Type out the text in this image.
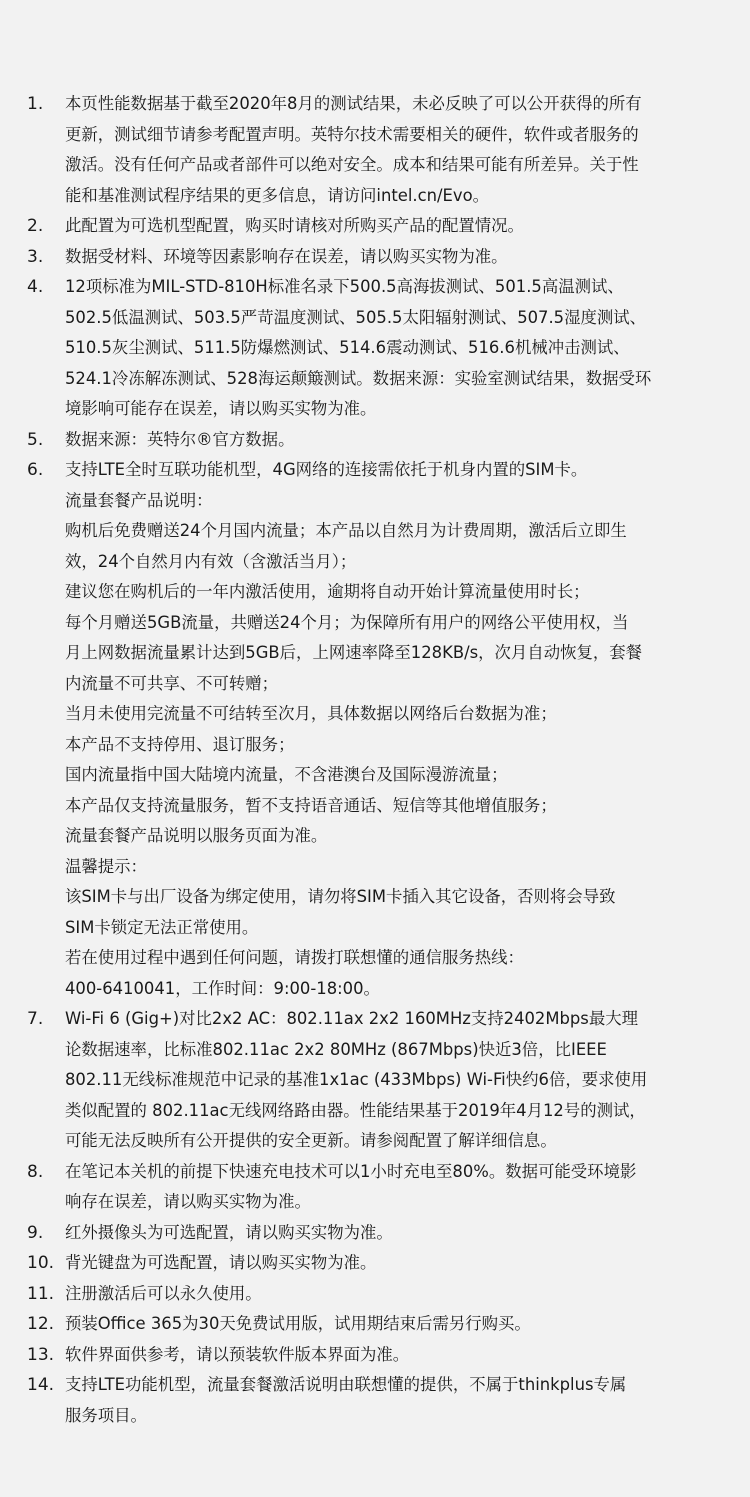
1.	本页性能数据基于截至2020年8月的测试结果，未必反映了可以公开获得的所有
更新，测试细节请参考配置声明。英特尔技术需要相关的硬件，软件或者服务的
激活。没有任何产品或者部件可以绝对安全。成本和结果可能有所差异。关于性
能和基准测试程序结果的更多信息，请访问intel.cn/Evo。
2.	此配置为可选机型配置，购买时请核对所购买产品的配置情况。
3.	数据受材料、环境等因素影响存在误差，请以购买实物为准。
4.	12项标准为MIL-STD-810H标准名录下500.5高海拔测试、501.5高温测试、
502.5低温测试、503.5严苛温度测试、505.5太阳辐射测试、507.5湿度测试、
510.5灰尘测试、511.5防爆燃测试、514.6震动测试、516.6机械冲击测试、
524.1冷冻解冻测试、528海运颠簸测试。数据来源：实验室测试结果，数据受环
境影响可能存在误差，请以购买实物为准。
5.	数据来源：英特尔®官方数据。
6.	支持LTE全时互联功能机型，4G网络的连接需依托于机身内置的SIM卡。
流量套餐产品说明：
购机后免费赠送24个月国内流量；本产品以自然月为计费周期，激活后立即生
效，24个自然月内有效（含激活当月）；
建议您在购机后的一年内激活使用，逾期将自动开始计算流量使用时长；
每个月赠送5GB流量，共赠送24个月；为保障所有用户的网络公平使用权，当
月上网数据流量累计达到5GB后，上网速率降至128KB/s，次月自动恢复，套餐
内流量不可共享、不可转赠；
当月未使用完流量不可结转至次月，具体数据以网络后台数据为准；
本产品不支持停用、退订服务；
国内流量指中国大陆境内流量，不含港澳台及国际漫游流量；
本产品仅支持流量服务，暂不支持语音通话、短信等其他增值服务；
流量套餐产品说明以服务页面为准。
温馨提示：
该SIM卡与出厂设备为绑定使用，请勿将SIM卡插入其它设备，否则将会导致
SIM卡锁定无法正常使用。
若在使用过程中遇到任何问题，请拨打联想懂的通信服务热线：
400-6410041，工作时间：9:00-18:00。
7.	Wi-Fi 6 (Gig+)对比2x2 AC：802.11ax 2x2 160MHz支持2402Mbps最大理
论数据速率，比标准802.11ac 2x2 80MHz (867Mbps)快近3倍，比IEEE
802.11无线标准规范中记录的基准1x1ac (433Mbps) Wi-Fi快约6倍，要求使用
类似配置的 802.11ac无线网络路由器。性能结果基于2019年4月12号的测试，
可能无法反映所有公开提供的安全更新。请参阅配置了解详细信息。
8.	在笔记本关机的前提下快速充电技术可以1小时充电至80%。数据可能受环境影
响存在误差，请以购买实物为准。
9.	红外摄像头为可选配置，请以购买实物为准。
10. 背光键盘为可选配置，请以购买实物为准。
11. 注册激活后可以永久使用。
12. 预装Office 365为30天免费试用版，试用期结束后需另行购买。
13. 软件界面供参考，请以预装软件版本界面为准。
14. 支持LTE功能机型，流量套餐激活说明由联想懂的提供，不属于thinkplus专属
服务项目。
